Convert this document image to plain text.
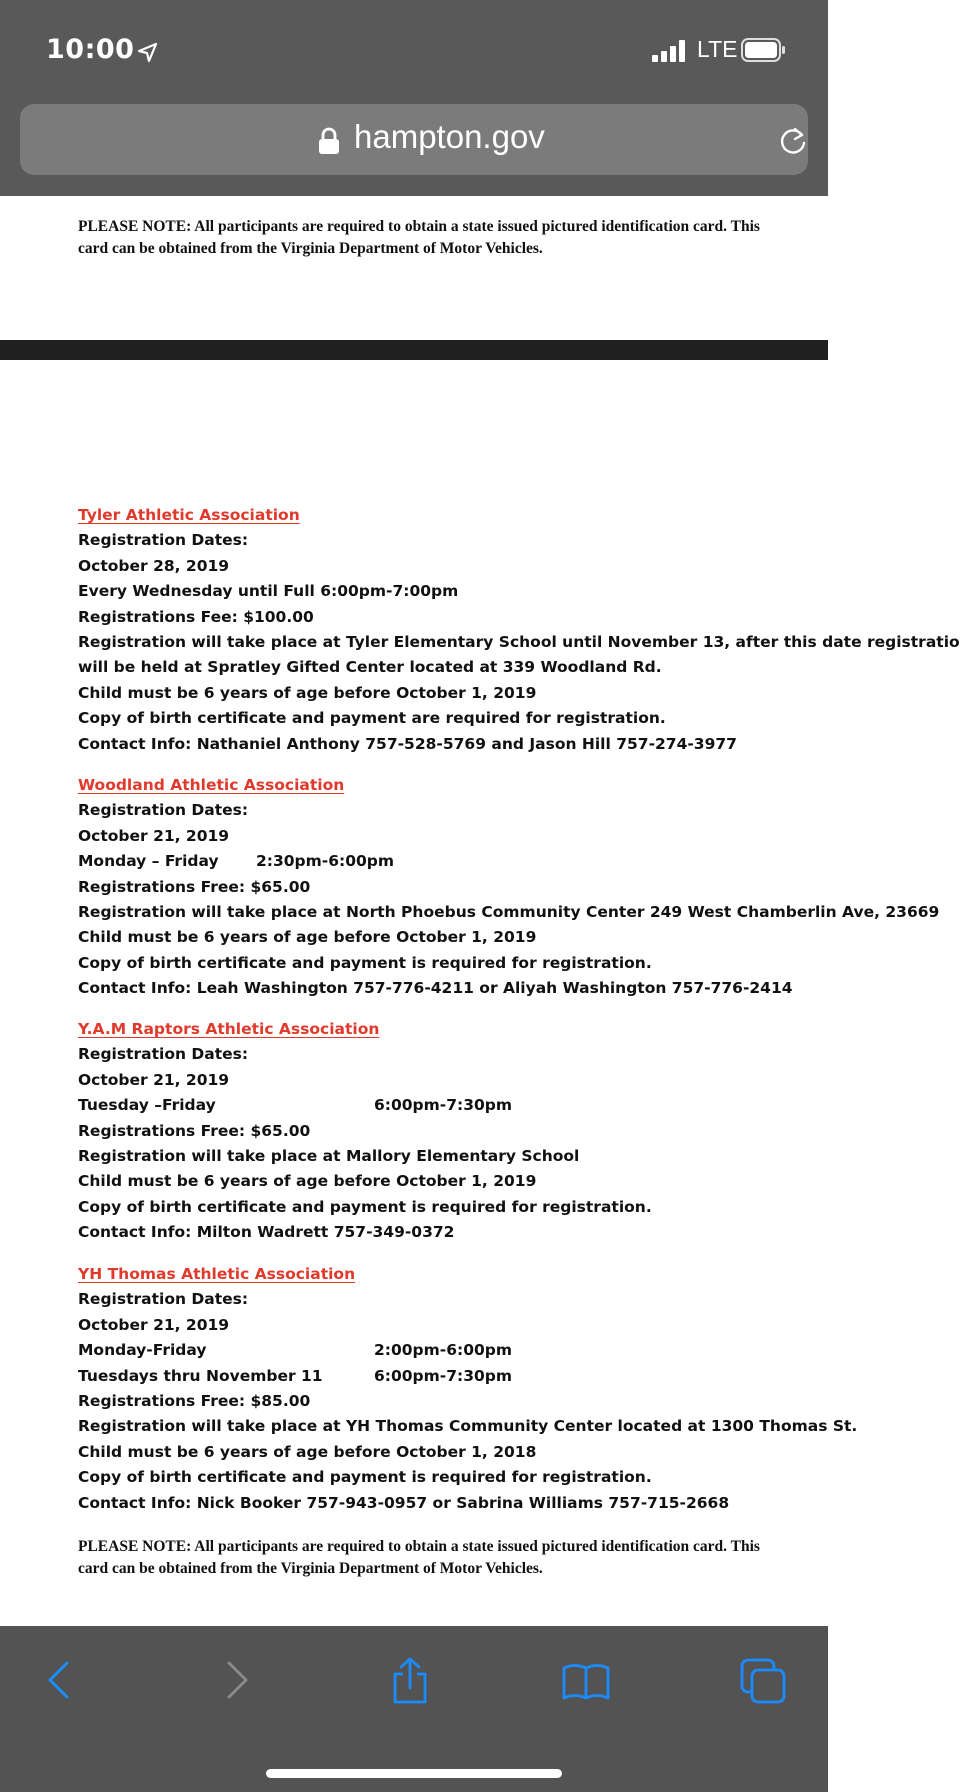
10:00	LTE
hampton.gov

PLEASE NOTE: All participants are required to obtain a state issued pictured identification card. This

card can be obtained from the Virginia Department of Motor Vehicles.

Tyler Athletic Association
Registration Dates:
October 28, 2019
Every Wednesday until Full 6:00pm-7:00pm
Registrations Fee: $100.00
Registration will take place at Tyler Elementary School until November 13, after this date registratio
will be held at Spratley Gifted Center located at 339 Woodland Rd.
Child must be 6 years of age before October 1, 2019
Copy of birth certificate and payment are required for registration.
Contact Info: Nathaniel Anthony 757-528-5769 and Jason Hill 757-274-3977
Woodland Athletic Association
Registration Dates:
October 21, 2019
Monday – Friday 2:30pm-6:00pm
Registrations Free: $65.00
Registration will take place at North Phoebus Community Center 249 West Chamberlin Ave, 23669
Child must be 6 years of age before October 1, 2019
Copy of birth certificate and payment is required for registration.
Contact Info: Leah Washington 757-776-4211 or Aliyah Washington 757-776-2414
Y.A.M Raptors Athletic Association
Registration Dates:
October 21, 2019
Tuesday –Friday	6:00pm-7:30pm
Registrations Free: $65.00
Registration will take place at Mallory Elementary School
Child must be 6 years of age before October 1, 2019
Copy of birth certificate and payment is required for registration.
Contact Info: Milton Wadrett 757-349-0372
YH Thomas Athletic Association
Registration Dates:
October 21, 2019
Monday-Friday	2:00pm-6:00pm
Tuesdays thru November 11	6:00pm-7:30pm
Registrations Free: $85.00
Registration will take place at YH Thomas Community Center located at 1300 Thomas St.
Child must be 6 years of age before October 1, 2018
Copy of birth certificate and payment is required for registration.
Contact Info: Nick Booker 757-943-0957 or Sabrina Williams 757-715-2668

PLEASE NOTE: All participants are required to obtain a state issued pictured identification card. This

card can be obtained from the Virginia Department of Motor Vehicles.
